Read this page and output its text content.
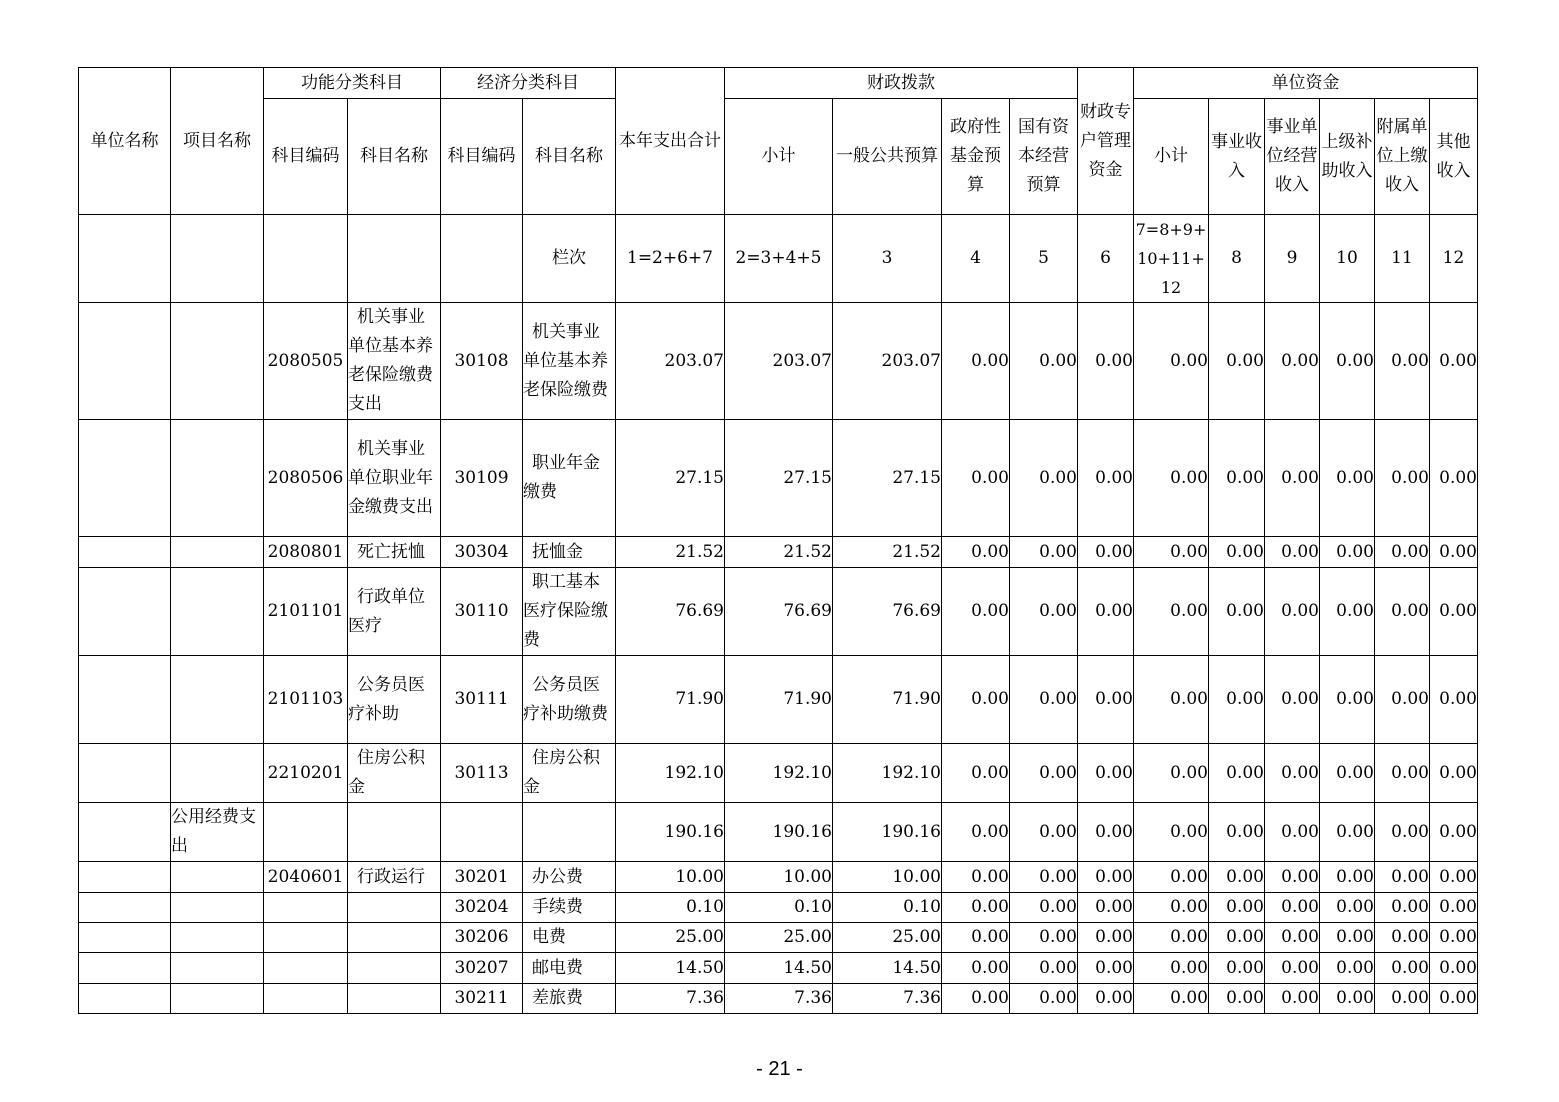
单位名称	项目名称	功能分类科目		经济分类科目		本年支出合计	财政拨款				财政专户管理资金	单位资金					
		科目编码	科目名称	科目编码	科目名称		小计	一般公共预算	政府性基金预算	国有资本经营预算		小计	事业收入	事业单位经营收入	上级补助收入	附属单位上缴收入	其他收入
					栏次	1=2+6+7	2=3+4+5	3	4	5	6	7=8+9+10+11+12	8	9	10	11	12
		2080505	机关事业单位基本养老保险缴费支出	30108	机关事业单位基本养老保险缴费	203.07	203.07	203.07	0.00	0.00	0.00	0.00	0.00	0.00	0.00	0.00	0.00
		2080506	机关事业单位职业年金缴费支出	30109	职业年金缴费	27.15	27.15	27.15	0.00	0.00	0.00	0.00	0.00	0.00	0.00	0.00	0.00
		2080801	死亡抚恤	30304	抚恤金	21.52	21.52	21.52	0.00	0.00	0.00	0.00	0.00	0.00	0.00	0.00	0.00
		2101101	行政单位医疗	30110	职工基本医疗保险缴费	76.69	76.69	76.69	0.00	0.00	0.00	0.00	0.00	0.00	0.00	0.00	0.00
		2101103	公务员医疗补助	30111	公务员医疗补助缴费	71.90	71.90	71.90	0.00	0.00	0.00	0.00	0.00	0.00	0.00	0.00	0.00
		2210201	住房公积金	30113	住房公积金	192.10	192.10	192.10	0.00	0.00	0.00	0.00	0.00	0.00	0.00	0.00	0.00
	公用经费支出					190.16	190.16	190.16	0.00	0.00	0.00	0.00	0.00	0.00	0.00	0.00	0.00
		2040601	行政运行	30201	办公费	10.00	10.00	10.00	0.00	0.00	0.00	0.00	0.00	0.00	0.00	0.00	0.00
				30204	手续费	0.10	0.10	0.10	0.00	0.00	0.00	0.00	0.00	0.00	0.00	0.00	0.00
				30206	电费	25.00	25.00	25.00	0.00	0.00	0.00	0.00	0.00	0.00	0.00	0.00	0.00
				30207	邮电费	14.50	14.50	14.50	0.00	0.00	0.00	0.00	0.00	0.00	0.00	0.00	0.00
				30211	差旅费	7.36	7.36	7.36	0.00	0.00	0.00	0.00	0.00	0.00	0.00	0.00	0.00
- 21 -
